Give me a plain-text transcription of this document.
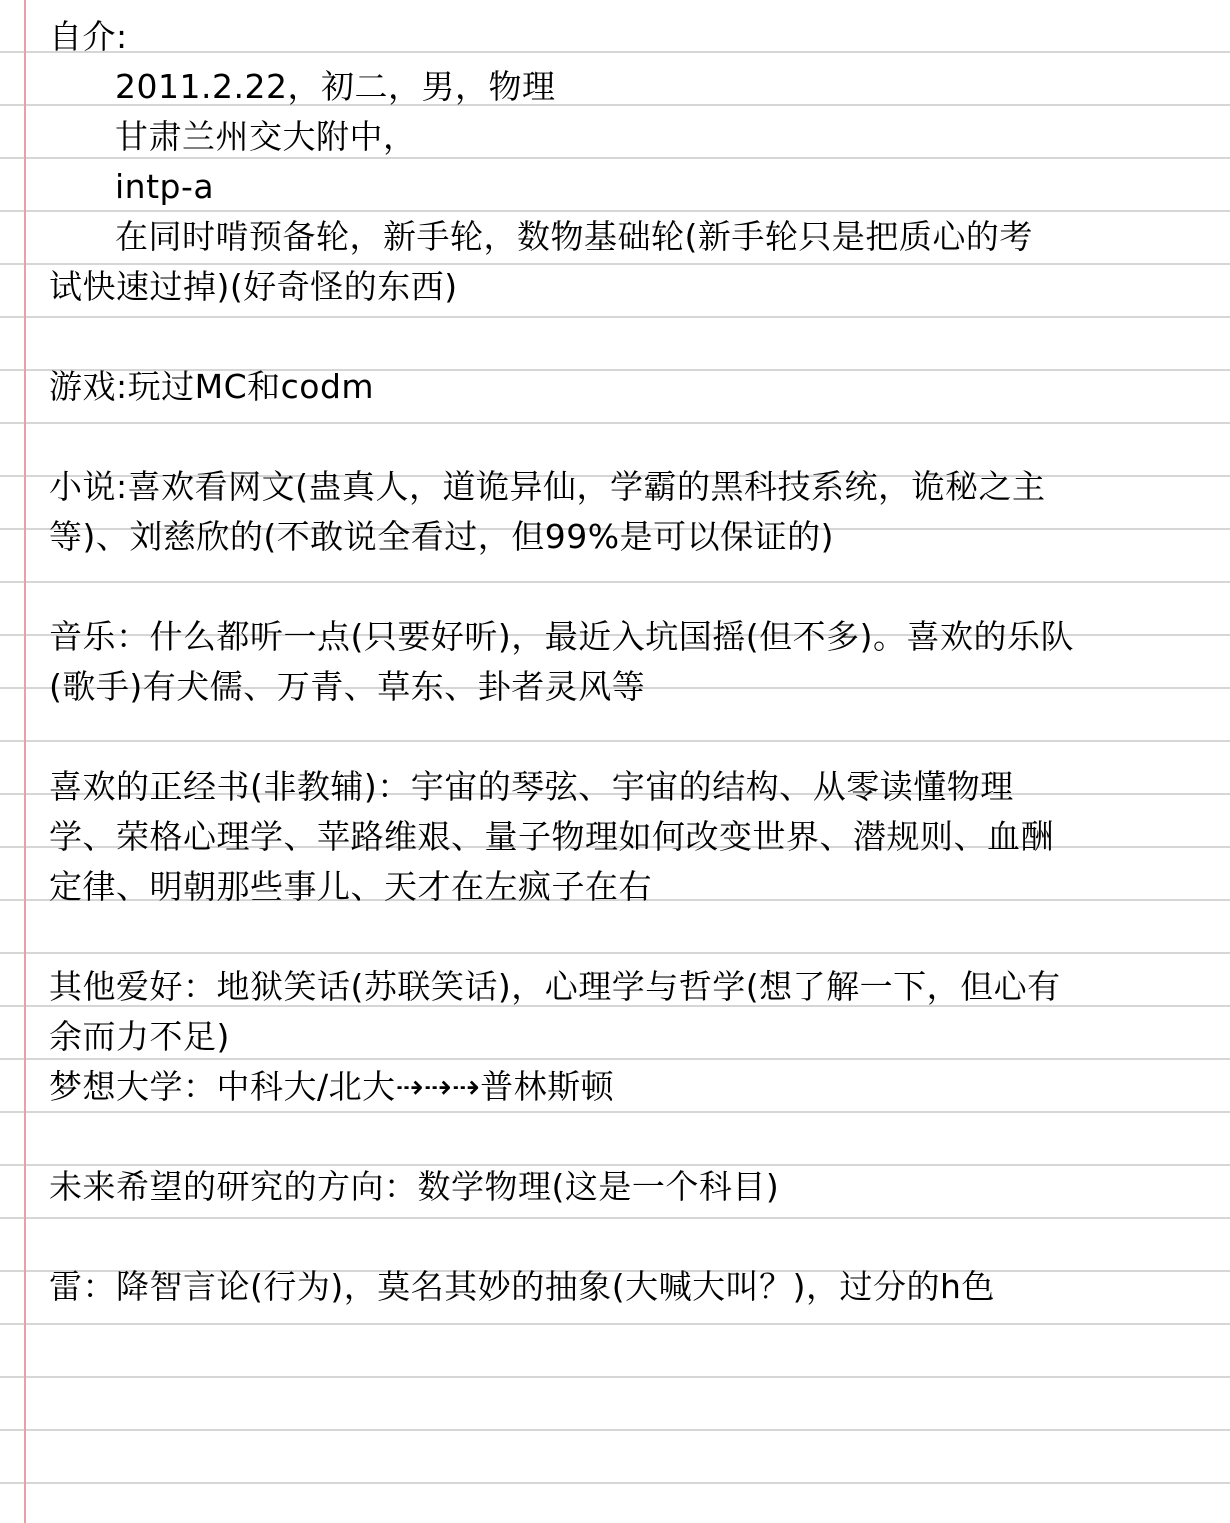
自介:
2011.2.22，初二，男，物理
甘肃兰州交大附中，
intp-a
在同时啃预备轮，新手轮，数物基础轮(新手轮只是把质心的考
试快速过掉)(好奇怪的东西)
游戏:玩过MC和codm
小说:喜欢看网文(蛊真人，道诡异仙，学霸的黑科技系统，诡秘之主
等)、刘慈欣的(不敢说全看过，但99%是可以保证的)
音乐：什么都听一点(只要好听)，最近入坑国摇(但不多)。喜欢的乐队
(歌手)有犬儒、万青、草东、卦者灵风等
喜欢的正经书(非教辅)：宇宙的琴弦、宇宙的结构、从零读懂物理
学、荣格心理学、苹路维艰、量子物理如何改变世界、潜规则、血酬
定律、明朝那些事儿、天才在左疯子在右
其他爱好：地狱笑话(苏联笑话)，心理学与哲学(想了解一下，但心有
余而力不足)
梦想大学：中科大/北大⇢⇢⇢普林斯顿
未来希望的研究的方向：数学物理(这是一个科目)
雷：降智言论(行为)，莫名其妙的抽象(大喊大叫？)，过分的h色
